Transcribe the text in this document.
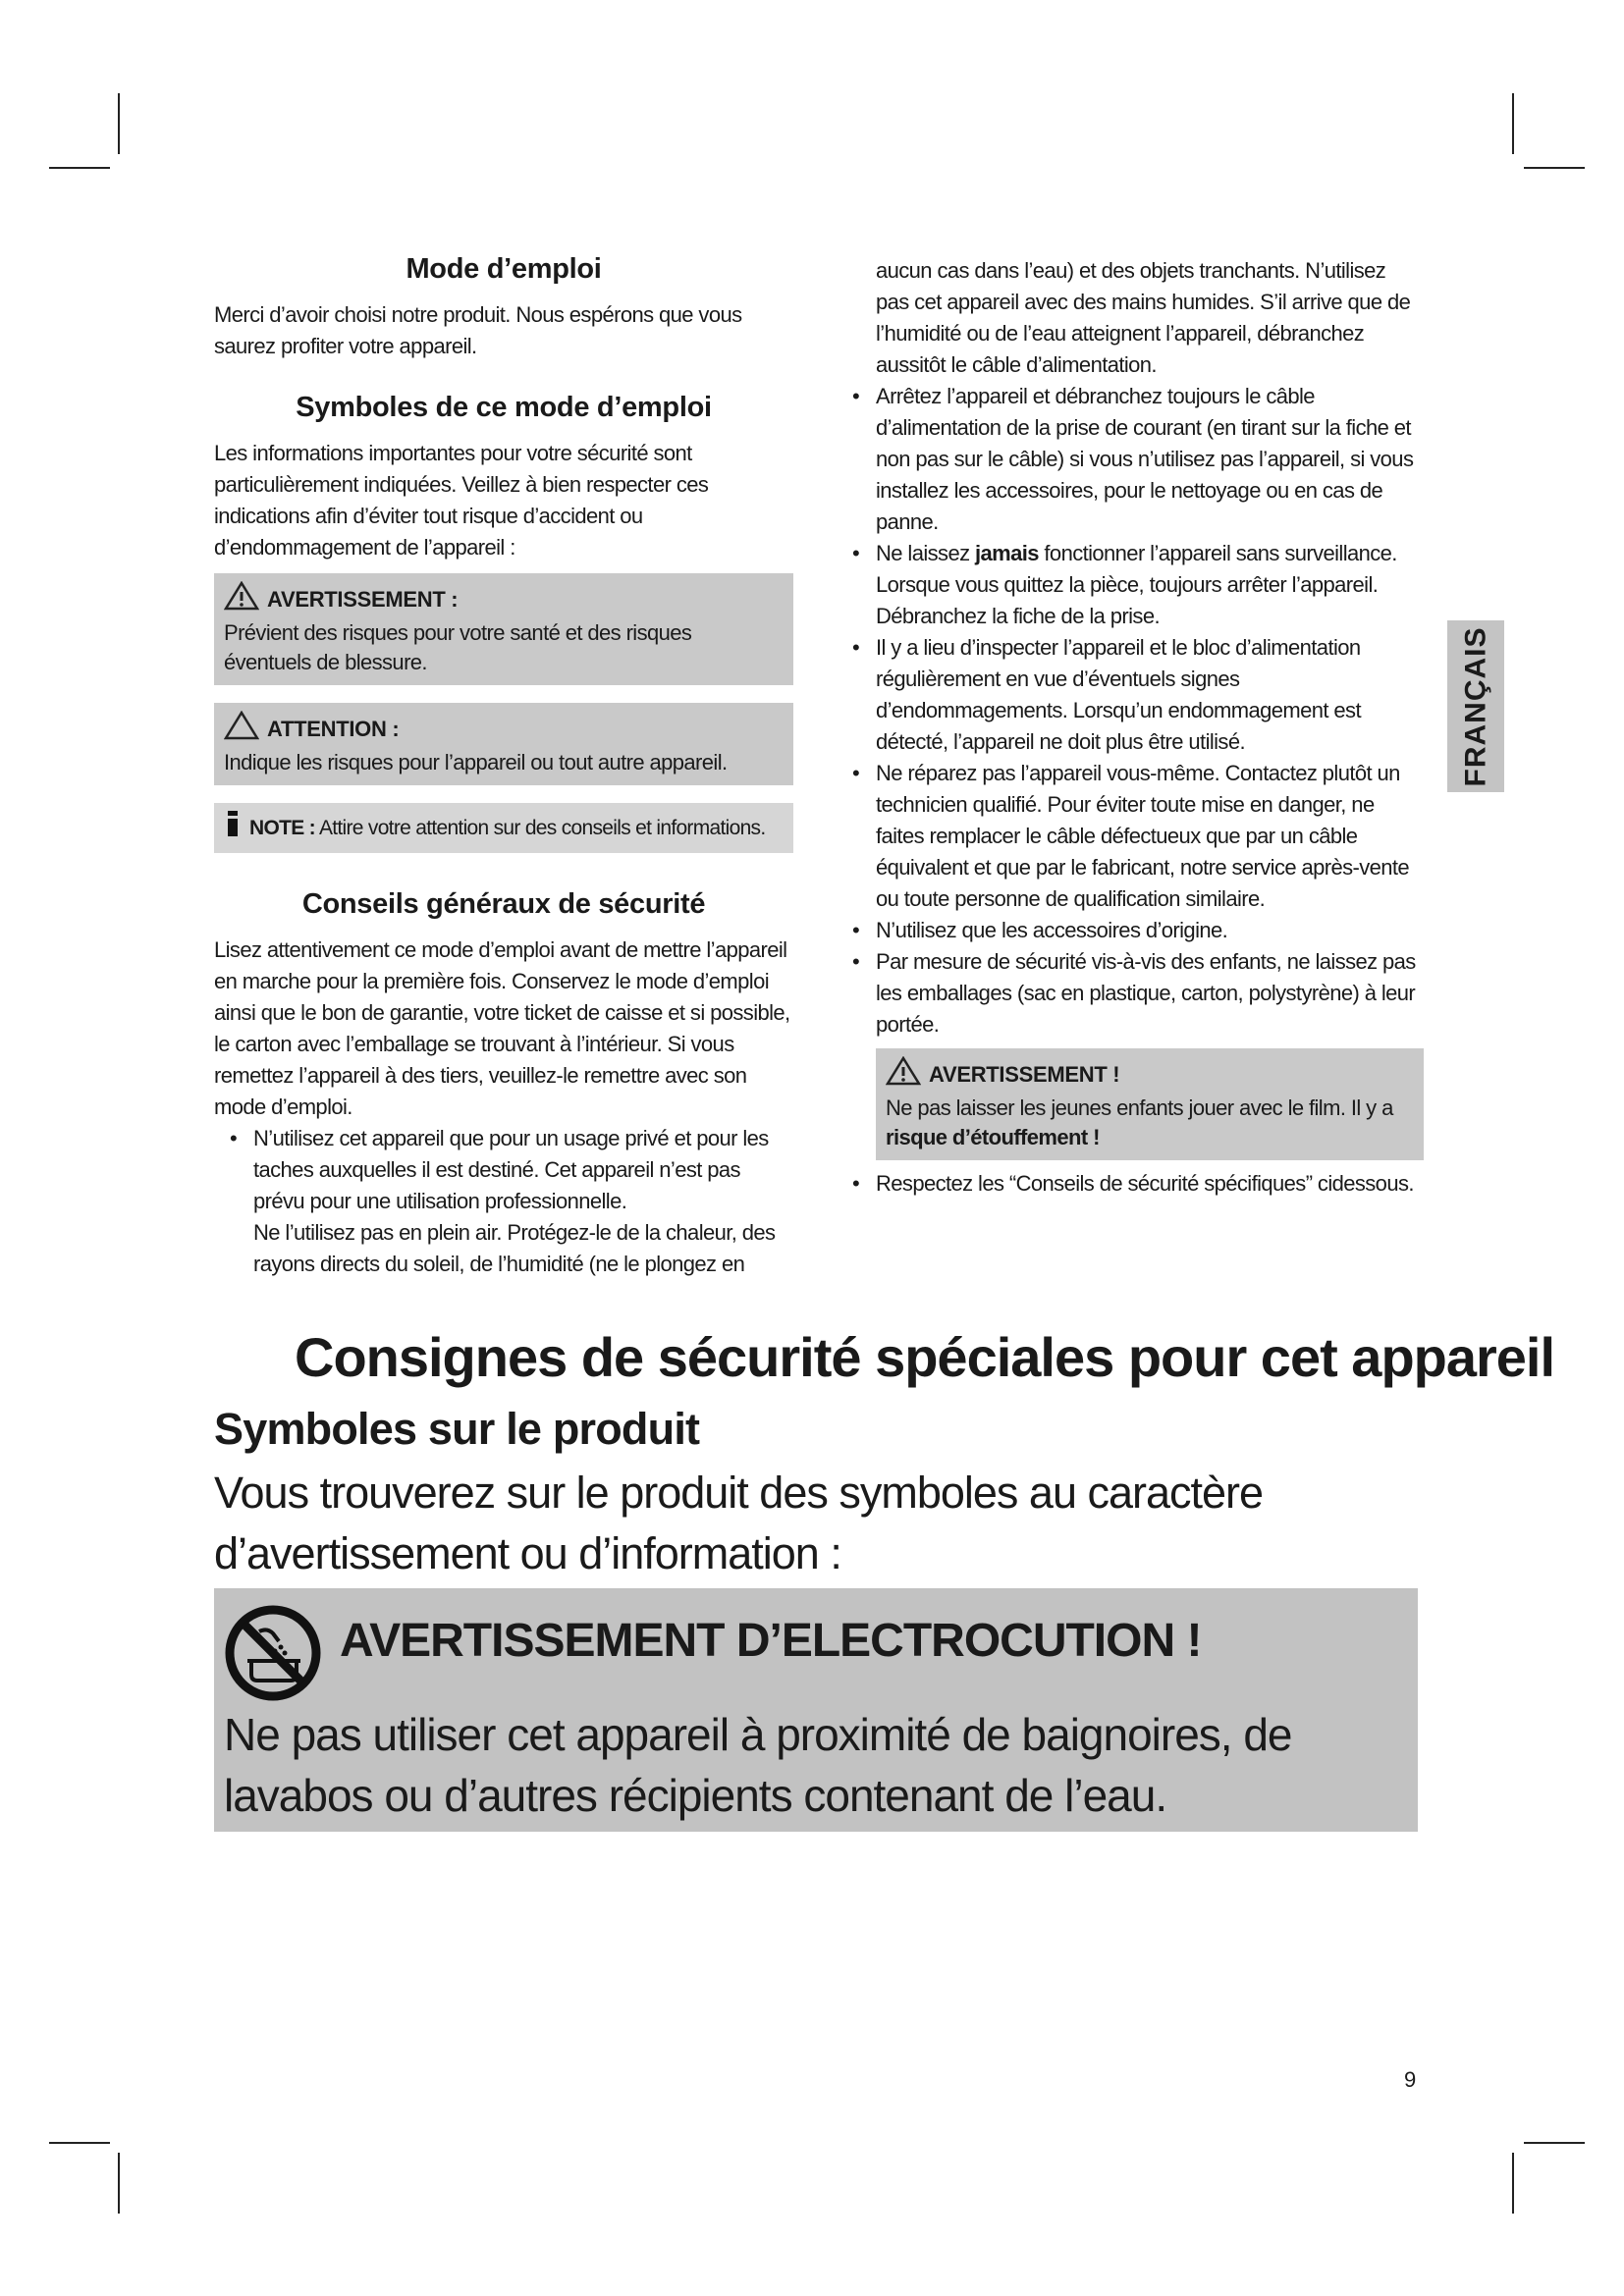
Mode d’emploi

Merci d’avoir choisi notre produit. Nous espérons que vous saurez profiter votre appareil.

Symboles de ce mode d’emploi

Les informations importantes pour votre sécurité sont particulièrement indiquées. Veillez à bien respecter ces indications afin d’éviter tout risque d’accident ou d’endommagement de l’appareil :

AVERTISSEMENT :
Prévient des risques pour votre santé et des risques éventuels de blessure.
ATTENTION :
Indique les risques pour l’appareil ou tout autre appareil.
NOTE : Attire votre attention sur des conseils et informations.
Conseils généraux de sécurité

Lisez attentivement ce mode d’emploi avant de mettre l’appareil en marche pour la première fois. Conservez le mode d’emploi ainsi que le bon de garantie, votre ticket de caisse et si possible, le carton avec l’emballage se trouvant à l’intérieur. Si vous remettez l’appareil à des tiers, veuillez-le remettre avec son mode d’emploi.

• N’utilisez cet appareil que pour un usage privé et pour les taches auxquelles il est destiné. Cet appareil n’est pas prévu pour une utilisation professionnelle.

Ne l’utilisez pas en plein air. Protégez-le de la chaleur, des rayons directs du soleil, de l’humidité (ne le plongez en

aucun cas dans l’eau) et des objets tranchants. N’utilisez pas cet appareil avec des mains humides. S’il arrive que de l’humidité ou de l’eau atteignent l’appareil, débranchez aussitôt le câble d’alimentation.

• Arrêtez l’appareil et débranchez toujours le câble d’alimentation de la prise de courant (en tirant sur la fiche et non pas sur le câble) si vous n’utilisez pas l’appareil, si vous installez les accessoires, pour le nettoyage ou en cas de panne.
• Ne laissez jamais fonctionner l’appareil sans surveillance. Lorsque vous quittez la pièce, toujours arrêter l’appareil. Débranchez la fiche de la prise.
• Il y a lieu d’inspecter l’appareil et le bloc d’alimentation régulièrement en vue d’éventuels signes d’endommagements. Lorsqu’un endommagement est détecté, l’appareil ne doit plus être utilisé.
• Ne réparez pas l’appareil vous-même. Contactez plutôt un technicien qualifié. Pour éviter toute mise en danger, ne faites remplacer le câble défectueux que par un câble équivalent et que par le fabricant, notre service après-vente ou toute personne de qualification similaire.
• N’utilisez que les accessoires d’origine.
• Par mesure de sécurité vis-à-vis des enfants, ne laissez pas les emballages (sac en plastique, carton, polystyrène) à leur portée.
AVERTISSEMENT !
Ne pas laisser les jeunes enfants jouer avec le film. Il y a risque d’étouffement !
• Respectez les “Conseils de sécurité spécifiques” cidessous.
FRANÇAIS
Consignes de sécurité spéciales pour cet appareil
Symboles sur le produit
Vous trouverez sur le produit des symboles au caractère d’avertissement ou d’information :
AVERTISSEMENT D’ELECTROCUTION !
Ne pas utiliser cet appareil à proximité de baignoires, de lavabos ou d’autres récipients contenant de l’eau.
9
